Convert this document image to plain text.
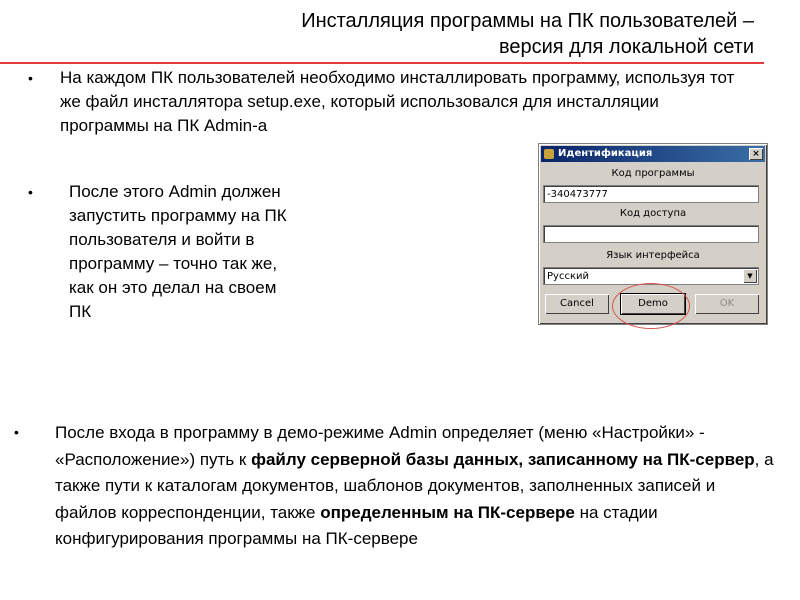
Инсталляция программы на ПК пользователей –
версия для локальной сети
• На каждом ПК пользователей необходимо инсталлировать программу, используя тот же файл инсталлятора setup.exe, который использовался для инсталляции программы на ПК Admin-а
• После этого Admin должен запустить программу на ПК пользователя и войти в программу – точно так же, как он это делал на своем ПК
• После входа в программу в демо-режиме Admin определяет (меню «Настройки» - «Расположение») путь к файлу серверной базы данных, записанному на ПК-сервер, а также пути к каталогам документов, шаблонов документов, заполненных записей и файлов корреспонденции, также определенным на ПК-сервере на стадии конфигурирования программы на ПК-сервере
Идентификация	×
Код программы
-340473777
Код доступа
Язык интерфейса
Русский	▼
Cancel	Demo	OK
